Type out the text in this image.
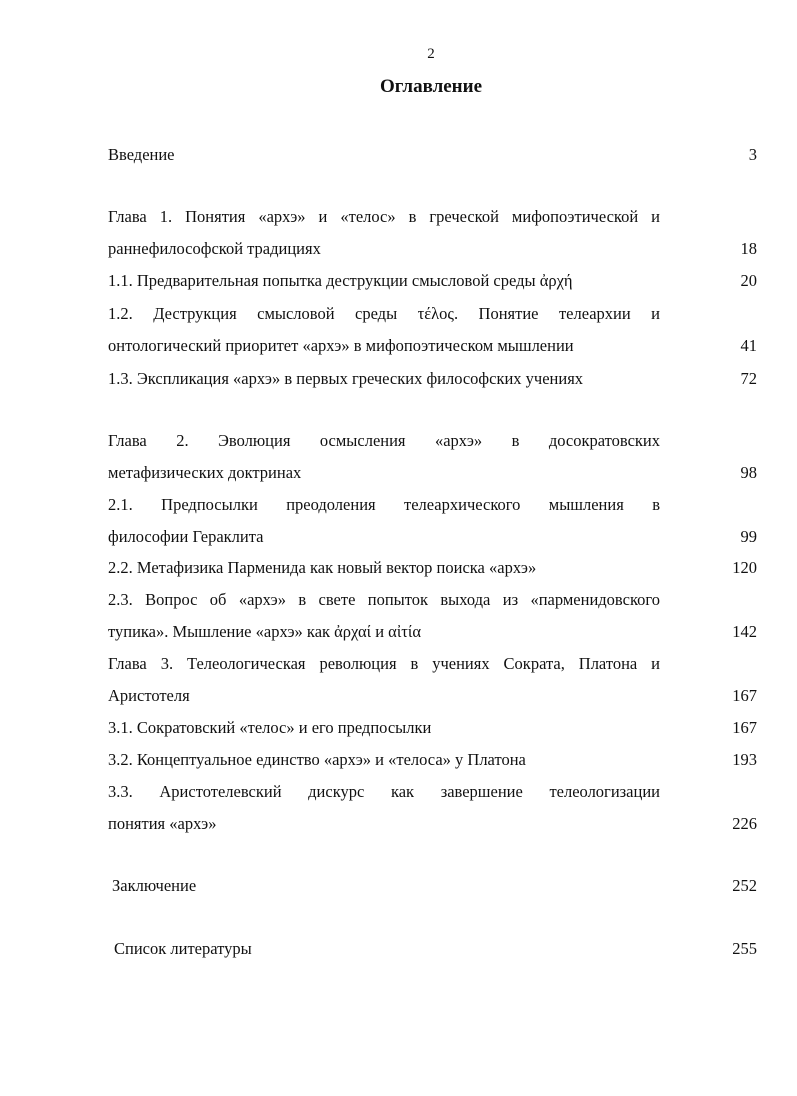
2
Оглавление
Введение	3
Глава 1. Понятия «архэ» и «телос» в греческой мифопоэтической и
раннефилософской традициях	18
1.1. Предварительная попытка деструкции смысловой среды ἀρχή	20
1.2. Деструкция смысловой среды τέλος. Понятие телеархии и
онтологический приоритет «архэ» в мифопоэтическом мышлении	41
1.3. Экспликация «архэ» в первых греческих философских учениях	72
Глава 2. Эволюция осмысления «архэ» в досократовских
метафизических доктринах	98
2.1. Предпосылки преодоления телеархического мышления в
философии Гераклита	99
2.2. Метафизика Парменида как новый вектор поиска «архэ»	120
2.3. Вопрос об «архэ» в свете попыток выхода из «парменидовского
тупика». Мышление «архэ» как ἀρχαί и αἰτία	142
Глава 3. Телеологическая революция в учениях Сократа, Платона и
Аристотеля	167
3.1. Сократовский «телос» и его предпосылки	167
3.2. Концептуальное единство «архэ» и «телоса» у Платона	193
3.3. Аристотелевский дискурс как завершение телеологизации
понятия «архэ»	226
Заключение	252
Список литературы	255
